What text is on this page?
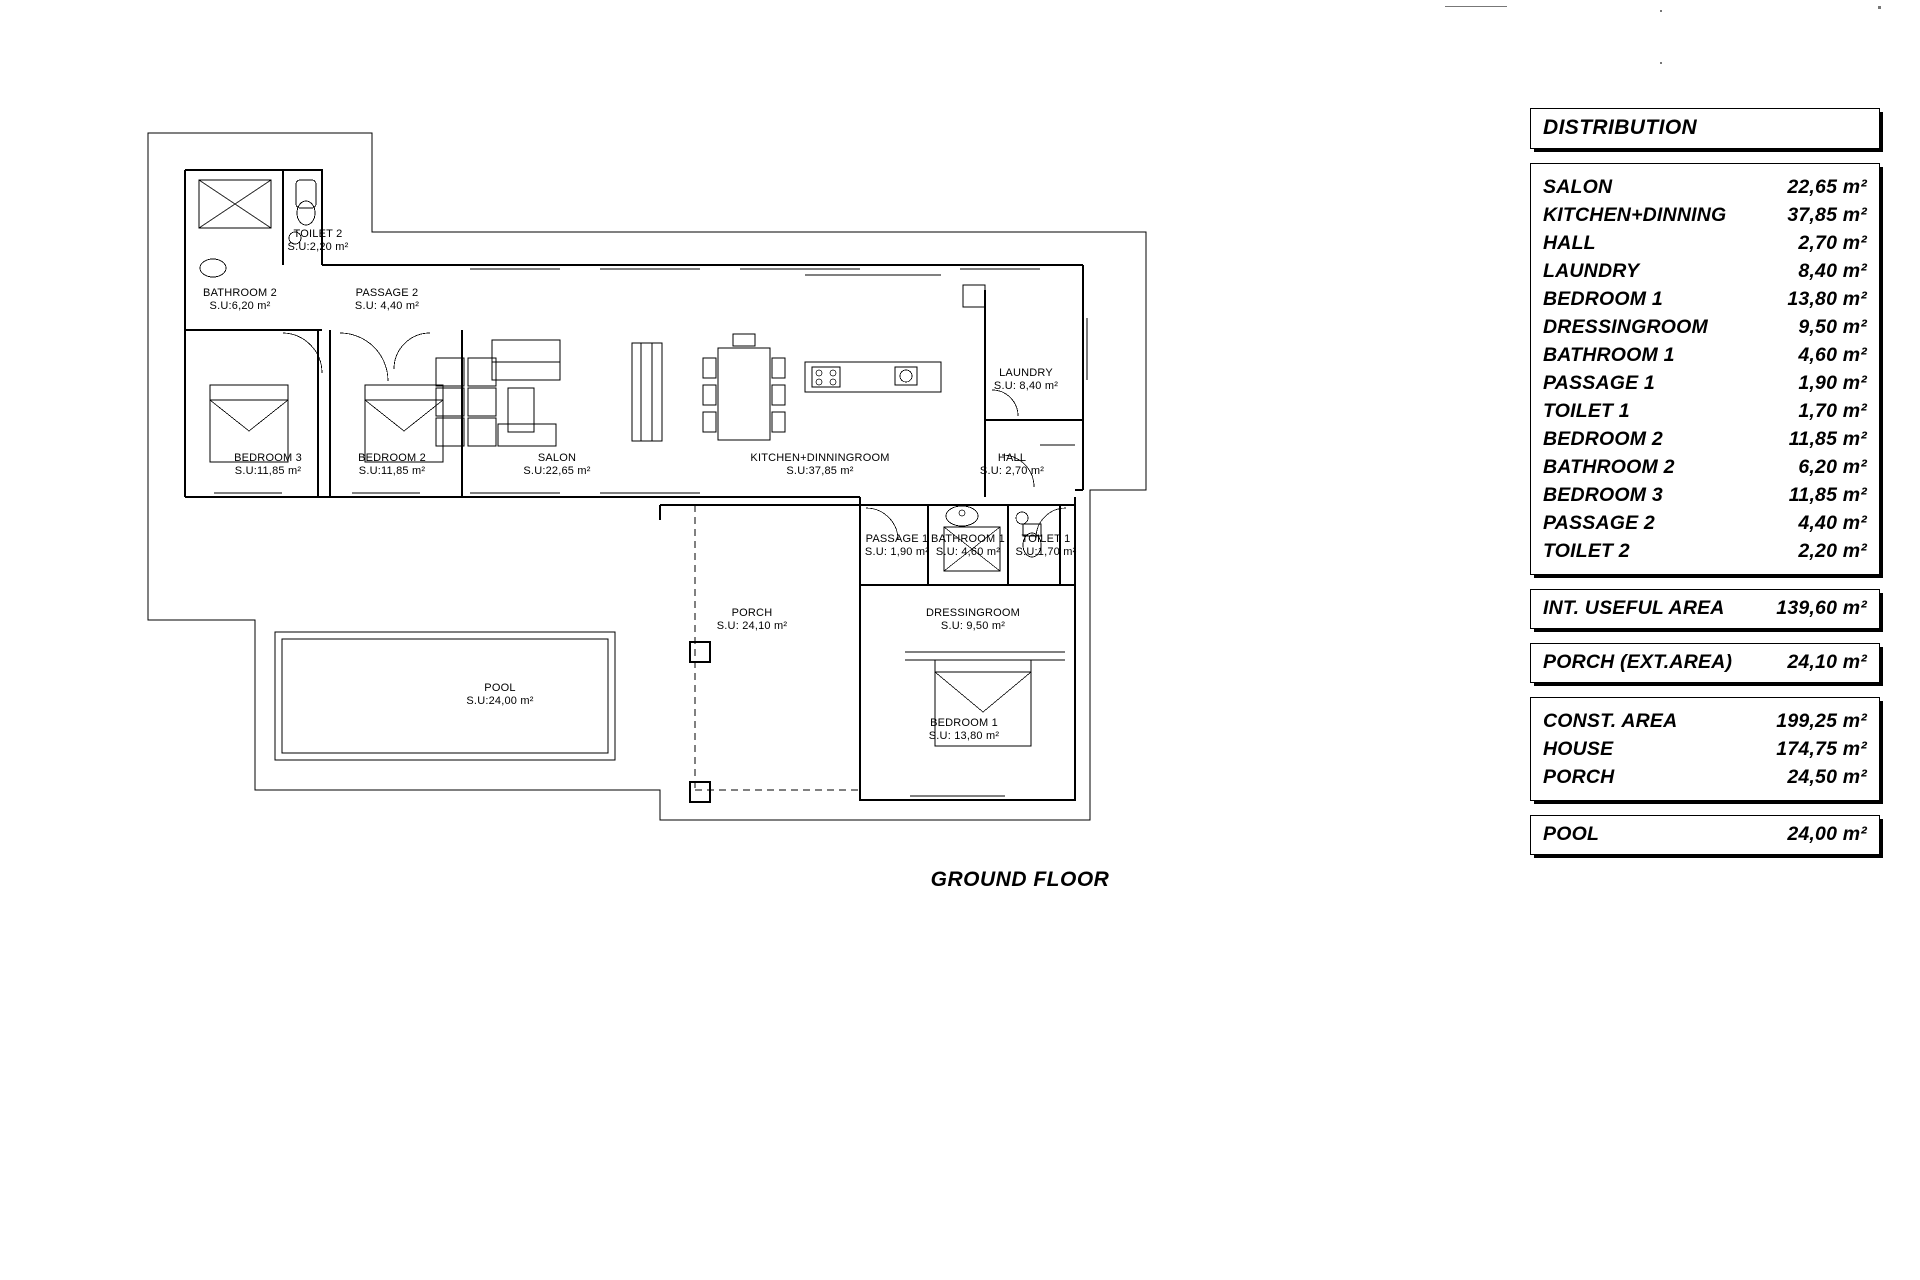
TOILET 2
S.U:2,20 m²
BATHROOM 2
S.U:6,20 m²
PASSAGE 2
S.U: 4,40 m²
BEDROOM 3
S.U:11,85 m²
BEDROOM 2
S.U:11,85 m²
SALON
S.U:22,65 m²
KITCHEN+DINNINGROOM
S.U:37,85 m²
LAUNDRY
S.U: 8,40 m²
HALL
S.U: 2,70 m²
PASSAGE 1
S.U: 1,90 m²
BATHROOM 1
S.U: 4,60 m²
TOILET 1
S.U:1,70 m²
DRESSINGROOM
S.U: 9,50 m²
BEDROOM 1
S.U: 13,80 m²
PORCH
S.U: 24,10 m²
POOL
S.U:24,00 m²
GROUND FLOOR
DISTRIBUTION
SALON	22,65 m²
KITCHEN+DINNING	37,85 m²
HALL	2,70 m²
LAUNDRY	8,40 m²
BEDROOM 1	13,80 m²
DRESSINGROOM	9,50 m²
BATHROOM 1	4,60 m²
PASSAGE 1	1,90 m²
TOILET 1	1,70 m²
BEDROOM 2	11,85 m²
BATHROOM 2	6,20 m²
BEDROOM 3	11,85 m²
PASSAGE 2	4,40 m²
TOILET 2	2,20 m²
INT. USEFUL AREA	139,60 m²
PORCH (EXT.AREA)	24,10 m²
CONST. AREA	199,25 m²
HOUSE	174,75 m²
PORCH	24,50 m²
POOL	24,00 m²
